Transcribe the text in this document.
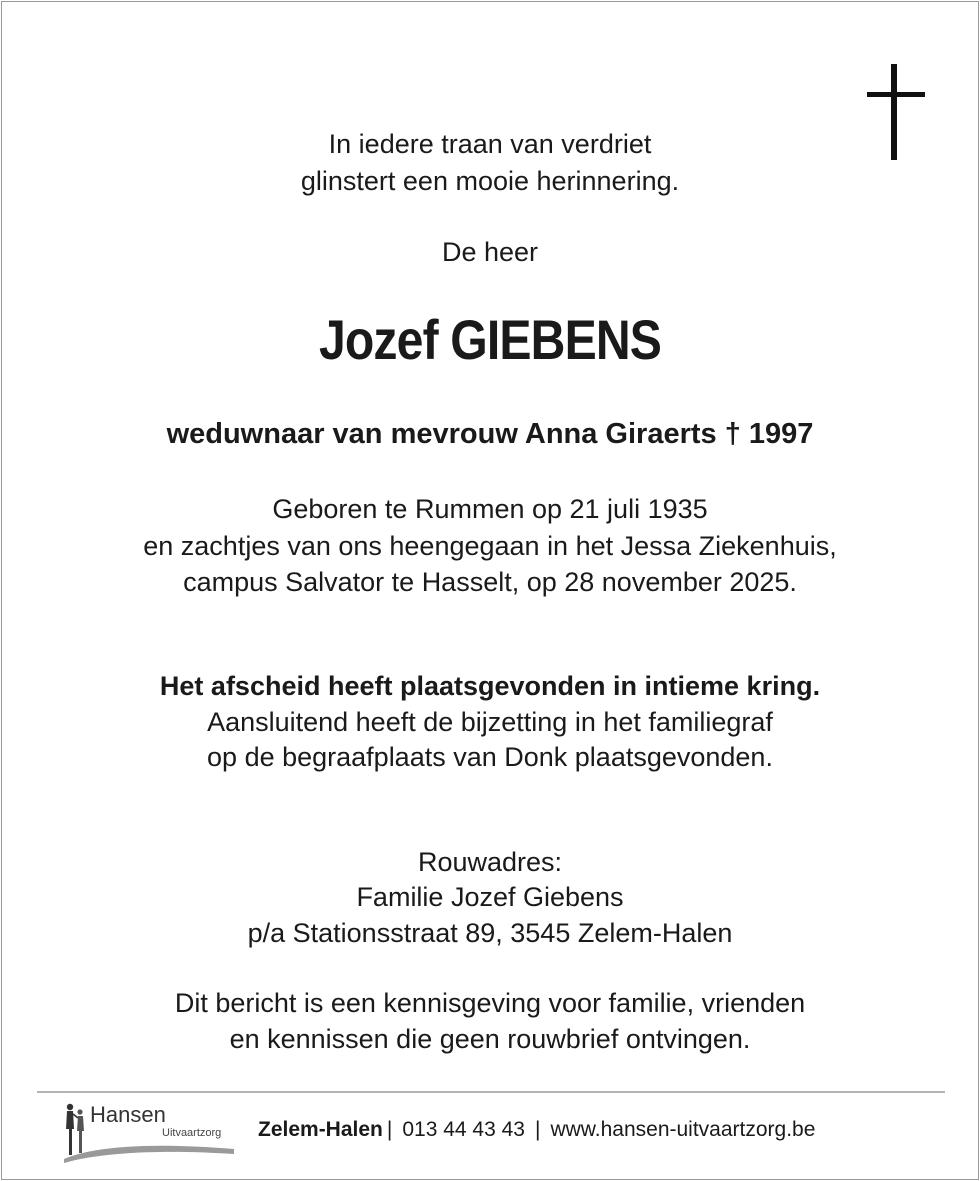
In iedere traan van verdriet
glinstert een mooie herinnering.
De heer
Jozef GIEBENS
weduwnaar van mevrouw Anna Giraerts † 1997
Geboren te Rummen op 21 juli 1935
en zachtjes van ons heengegaan in het Jessa Ziekenhuis,
campus Salvator te Hasselt, op 28 november 2025.
Het afscheid heeft plaatsgevonden in intieme kring.
Aansluitend heeft de bijzetting in het familiegraf
op de begraafplaats van Donk plaatsgevonden.
Rouwadres:
Familie Jozef Giebens
p/a Stationsstraat 89, 3545 Zelem-Halen
Dit bericht is een kennisgeving voor familie, vrienden
en kennissen die geen rouwbrief ontvingen.
Hansen
Uitvaartzorg Zelem-Halen | 013 44 43 43 | www.hansen-uitvaartzorg.be
